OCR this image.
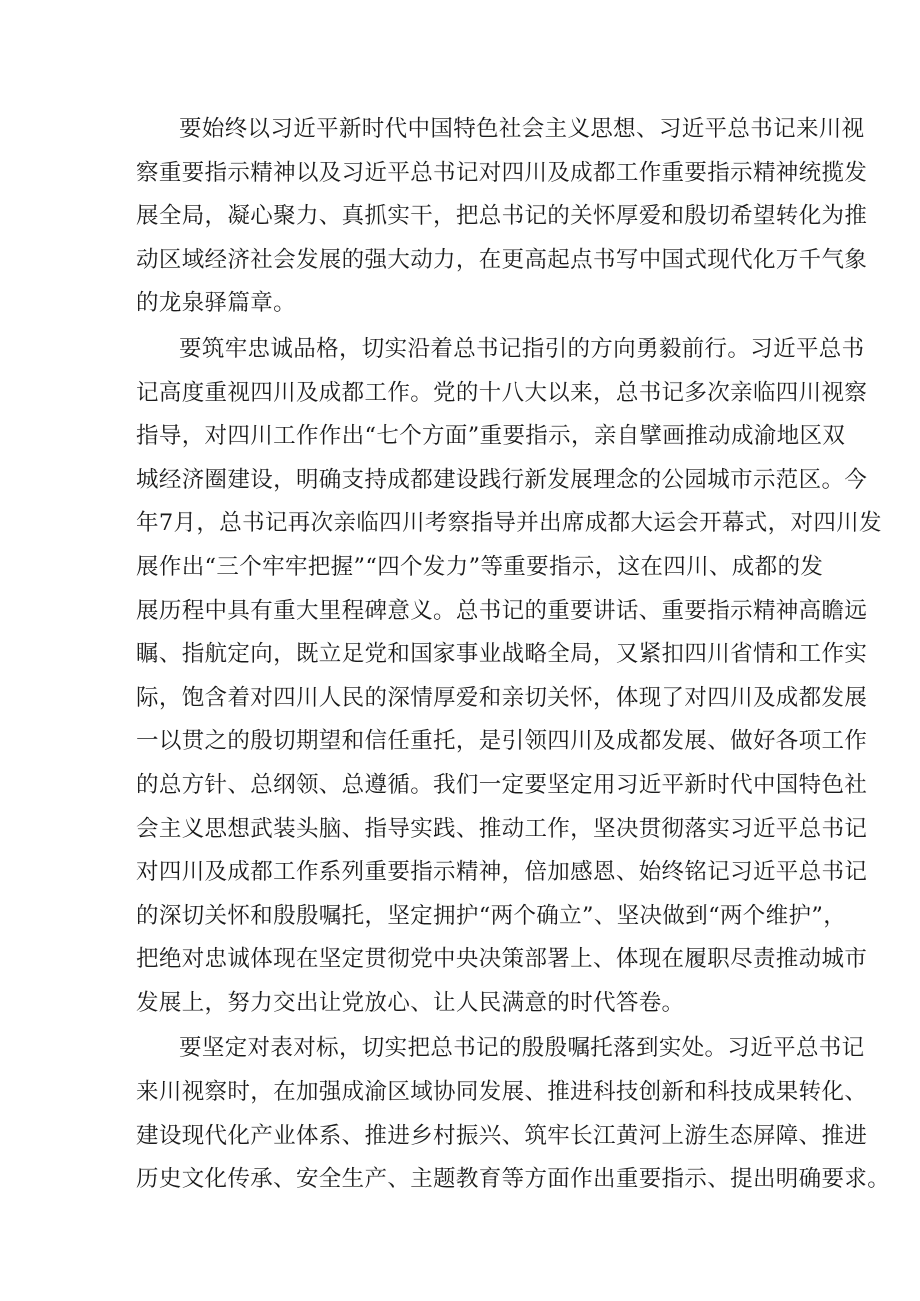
要始终以习近平新时代中国特色社会主义思想、习近平总书记来川视
察重要指示精神以及习近平总书记对四川及成都工作重要指示精神统揽发
展全局，凝心聚力、真抓实干，把总书记的关怀厚爱和殷切希望转化为推
动区域经济社会发展的强大动力，在更高起点书写中国式现代化万千气象
的龙泉驿篇章。
要筑牢忠诚品格，切实沿着总书记指引的方向勇毅前行。习近平总书
记高度重视四川及成都工作。党的十八大以来，总书记多次亲临四川视察
指导，对四川工作作出“七个方面”重要指示，亲自擘画推动成渝地区双
城经济圈建设，明确支持成都建设践行新发展理念的公园城市示范区。今
年7月，总书记再次亲临四川考察指导并出席成都大运会开幕式，对四川发
展作出“三个牢牢把握”“四个发力”等重要指示，这在四川、成都的发
展历程中具有重大里程碑意义。总书记的重要讲话、重要指示精神高瞻远
瞩、指航定向，既立足党和国家事业战略全局，又紧扣四川省情和工作实
际，饱含着对四川人民的深情厚爱和亲切关怀，体现了对四川及成都发展
一以贯之的殷切期望和信任重托，是引领四川及成都发展、做好各项工作
的总方针、总纲领、总遵循。我们一定要坚定用习近平新时代中国特色社
会主义思想武装头脑、指导实践、推动工作，坚决贯彻落实习近平总书记
对四川及成都工作系列重要指示精神，倍加感恩、始终铭记习近平总书记
的深切关怀和殷殷嘱托，坚定拥护“两个确立”、坚决做到“两个维护”，
把绝对忠诚体现在坚定贯彻党中央决策部署上、体现在履职尽责推动城市
发展上，努力交出让党放心、让人民满意的时代答卷。
要坚定对表对标，切实把总书记的殷殷嘱托落到实处。习近平总书记
来川视察时，在加强成渝区域协同发展、推进科技创新和科技成果转化、
建设现代化产业体系、推进乡村振兴、筑牢长江黄河上游生态屏障、推进
历史文化传承、安全生产、主题教育等方面作出重要指示、提出明确要求。
